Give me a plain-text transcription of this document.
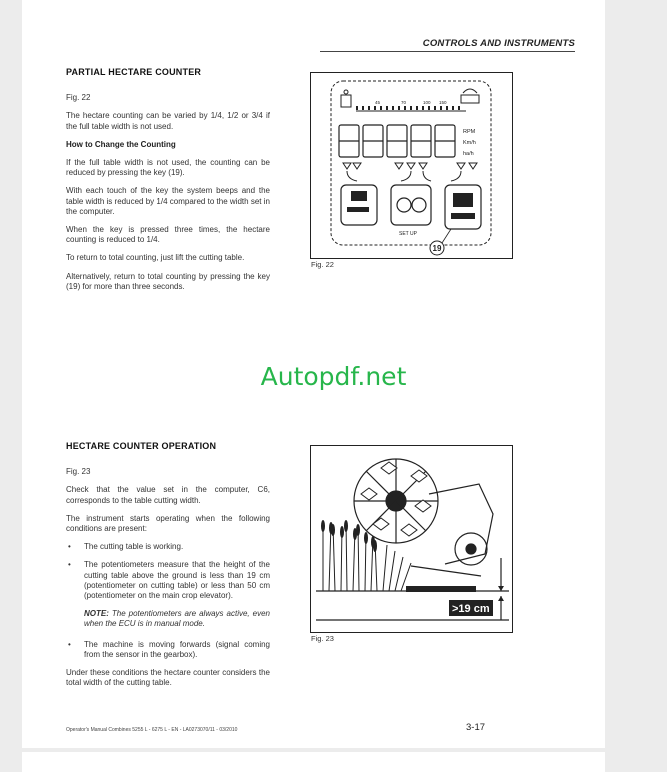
CONTROLS AND INSTRUMENTS
PARTIAL HECTARE COUNTER

Fig. 22

The hectare counting can be varied by 1/4, 1/2 or 3/4 if the full table width is not used.

How to Change the Counting

If the full table width is not used, the counting can be reduced by pressing the key (19).

With each touch of the key the system beeps and the table width is reduced by 1/4 compared to the width set in the computer.

When the key is pressed three times, the hectare counting is reduced to 1/4.

To return to total counting, just lift the cutting table.

Alternatively, return to total counting by pressing the key (19) for more than three seconds.

45	70	100 150
RPM
Km/h
ha/h
SET UP
19
Fig. 22
Autopdf.net
HECTARE COUNTER OPERATION

Fig. 23

Check that the value set in the computer, C6, corresponds to the table cutting width.

The instrument starts operating when the following conditions are present:

• The cutting table is working.
• The potentiometers measure that the height of the cutting table above the ground is less than 19 cm (potentiometer on cutting table) or less than 50 cm (potentiometer on the main crop elevator).
NOTE: The potentiometers are always active, even when the ECU is in manual mode.
• The machine is moving forwards (signal coming from the sensor in the gearbox).

Under these conditions the hectare counter considers the total width of the cutting table.

>19 cm
Fig. 23
Operator's Manual Combines 5255 L - 6275 L - EN - LA0273070/11 - 03/2010	3-17
